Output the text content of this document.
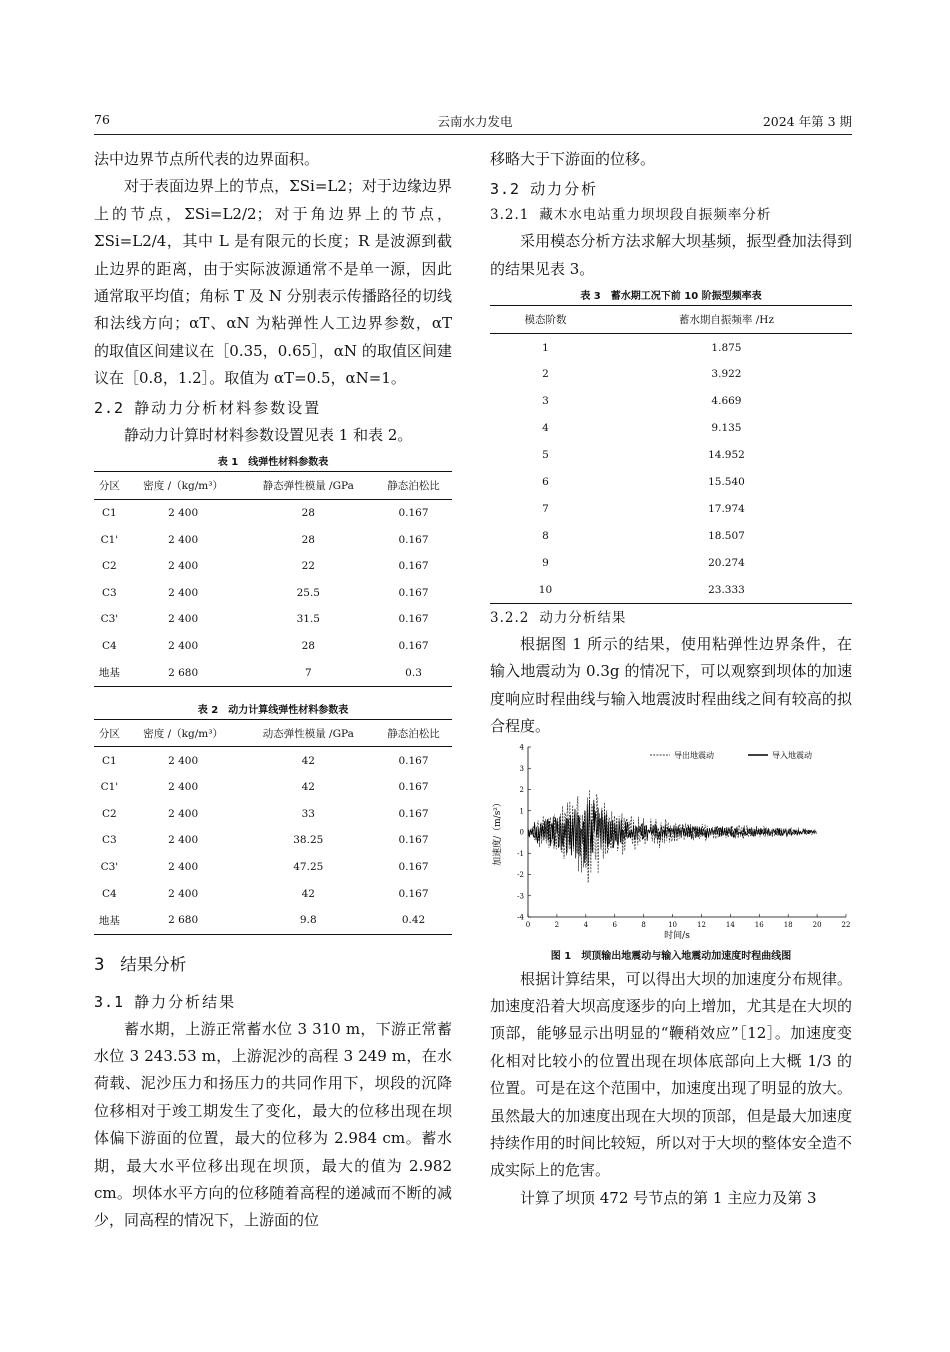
76	云南水力发电	2024 年第 3 期

法中边界节点所代表的边界面积。

对于表面边界上的节点，ΣSi=L2；对于边缘边界上的节点，ΣSi=L2/2；对于角边界上的节点，ΣSi=L2/4，其中 L 是有限元的长度；R 是波源到截止边界的距离，由于实际波源通常不是单一源，因此通常取平均值；角标 T 及 N 分别表示传播路径的切线和法线方向；αT、αN 为粘弹性人工边界参数，αT 的取值区间建议在［0.35，0.65］，αN 的取值区间建议在［0.8，1.2］。取值为 αT=0.5，αN=1。

2.2 静动力分析材料参数设置

静动力计算时材料参数设置见表 1 和表 2。

表 1　线弹性材料参数表
分区	密度 /（kg/m³）	静态弹性模量 /GPa	静态泊松比
C1	2 400	28	0.167
C1'	2 400	28	0.167
C2	2 400	22	0.167
C3	2 400	25.5	0.167
C3'	2 400	31.5	0.167
C4	2 400	28	0.167
地基	2 680	7	0.3
表 2　动力计算线弹性材料参数表
分区	密度 /（kg/m³）	动态弹性模量 /GPa	静态泊松比
C1	2 400	42	0.167
C1'	2 400	42	0.167
C2	2 400	33	0.167
C3	2 400	38.25	0.167
C3'	2 400	47.25	0.167
C4	2 400	42	0.167
地基	2 680	9.8	0.42
3 结果分析
3.1 静力分析结果

蓄水期，上游正常蓄水位 3 310 m，下游正常蓄水位 3 243.53 m，上游泥沙的高程 3 249 m，在水荷载、泥沙压力和扬压力的共同作用下，坝段的沉降位移相对于竣工期发生了变化，最大的位移出现在坝体偏下游面的位置，最大的位移为 2.984 cm。蓄水期，最大水平位移出现在坝顶，最大的值为 2.982 cm。坝体水平方向的位移随着高程的递减而不断的减少，同高程的情况下，上游面的位

移略大于下游面的位移。

3.2 动力分析
3.2.1 藏木水电站重力坝坝段自振频率分析

采用模态分析方法求解大坝基频，振型叠加法得到的结果见表 3。

表 3　蓄水期工况下前 10 阶振型频率表
模态阶数	蓄水期自振频率 /Hz
1	1.875
2	3.922
3	4.669
4	9.135
5	14.952
6	15.540
7	17.974
8	18.507
9	20.274
10	23.333
3.2.2 动力分析结果

根据图 1 所示的结果，使用粘弹性边界条件，在输入地震动为 0.3g 的情况下，可以观察到坝体的加速度响应时程曲线与输入地震波时程曲线之间有较高的拟合程度。

0	2	4	6	8	10	12	14	16	18	20	22
-4
-3
-2
-1
0
1
2
3
4
时间/s
加速度/（m/s²）
导出地震动	导入地震动
图 1　坝顶输出地震动与输入地震动加速度时程曲线图

根据计算结果，可以得出大坝的加速度分布规律。加速度沿着大坝高度逐步的向上增加，尤其是在大坝的顶部，能够显示出明显的“鞭稍效应”［12］。加速度变化相对比较小的位置出现在坝体底部向上大概 1/3 的位置。可是在这个范围中，加速度出现了明显的放大。虽然最大的加速度出现在大坝的顶部，但是最大加速度持续作用的时间比较短，所以对于大坝的整体安全造不成实际上的危害。

计算了坝顶 472 号节点的第 1 主应力及第 3
